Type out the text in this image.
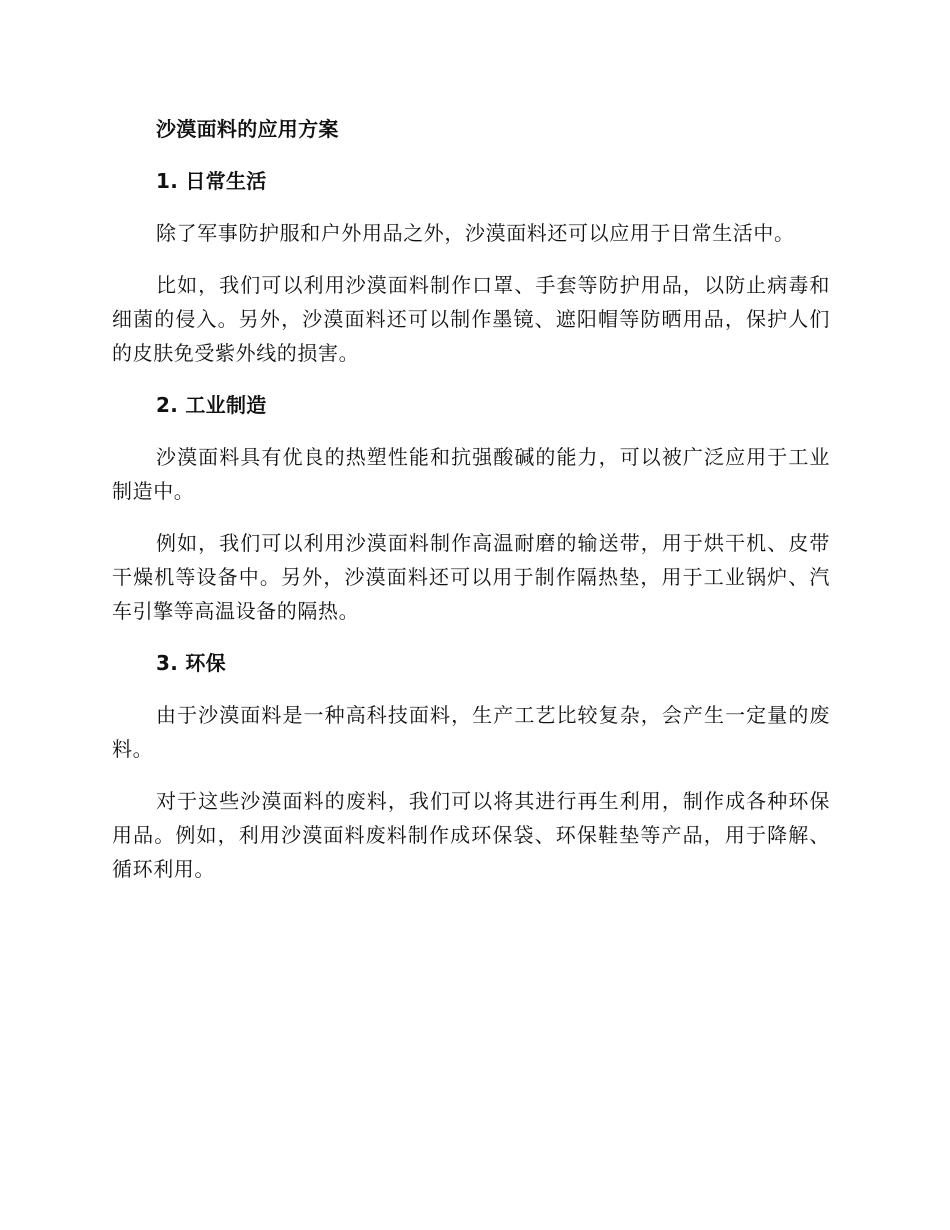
沙漠面料的应用方案
1. 日常生活

除了军事防护服和户外用品之外，沙漠面料还可以应用于日常生活中。

比如，我们可以利用沙漠面料制作口罩、手套等防护用品，以防止病毒和细菌的侵入。另外，沙漠面料还可以制作墨镜、遮阳帽等防晒用品，保护人们的皮肤免受紫外线的损害。

2. 工业制造

沙漠面料具有优良的热塑性能和抗强酸碱的能力，可以被广泛应用于工业制造中。

例如，我们可以利用沙漠面料制作高温耐磨的输送带，用于烘干机、皮带干燥机等设备中。另外，沙漠面料还可以用于制作隔热垫，用于工业锅炉、汽车引擎等高温设备的隔热。

3. 环保

由于沙漠面料是一种高科技面料，生产工艺比较复杂，会产生一定量的废料。

对于这些沙漠面料的废料，我们可以将其进行再生利用，制作成各种环保用品。例如，利用沙漠面料废料制作成环保袋、环保鞋垫等产品，用于降解、循环利用。
